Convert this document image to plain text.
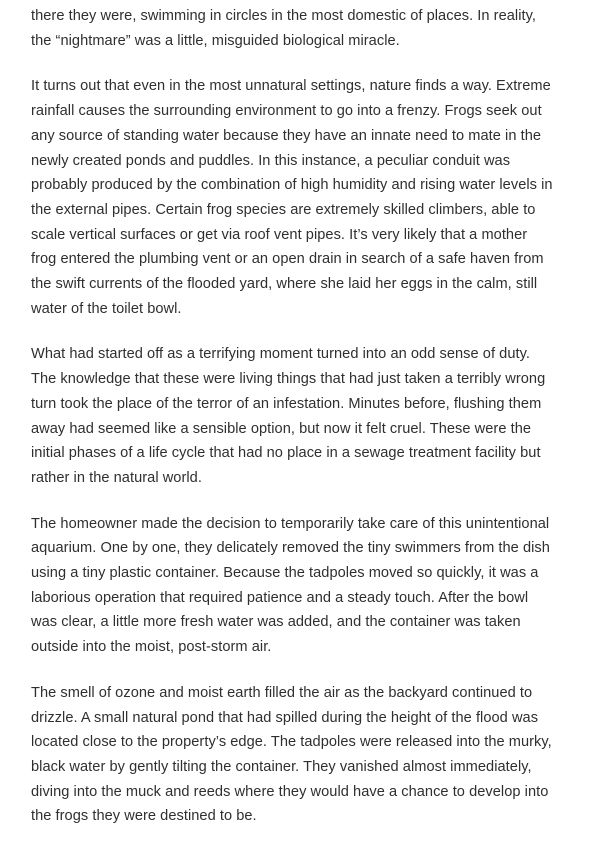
there they were, swimming in circles in the most domestic of places. In reality,
the “nightmare” was a little, misguided biological miracle.

It turns out that even in the most unnatural settings, nature finds a way. Extreme
rainfall causes the surrounding environment to go into a frenzy. Frogs seek out
any source of standing water because they have an innate need to mate in the
newly created ponds and puddles. In this instance, a peculiar conduit was
probably produced by the combination of high humidity and rising water levels in
the external pipes. Certain frog species are extremely skilled climbers, able to
scale vertical surfaces or get via roof vent pipes. It’s very likely that a mother
frog entered the plumbing vent or an open drain in search of a safe haven from
the swift currents of the flooded yard, where she laid her eggs in the calm, still
water of the toilet bowl.

What had started off as a terrifying moment turned into an odd sense of duty.
The knowledge that these were living things that had just taken a terribly wrong
turn took the place of the terror of an infestation. Minutes before, flushing them
away had seemed like a sensible option, but now it felt cruel. These were the
initial phases of a life cycle that had no place in a sewage treatment facility but
rather in the natural world.

The homeowner made the decision to temporarily take care of this unintentional
aquarium. One by one, they delicately removed the tiny swimmers from the dish
using a tiny plastic container. Because the tadpoles moved so quickly, it was a
laborious operation that required patience and a steady touch. After the bowl
was clear, a little more fresh water was added, and the container was taken
outside into the moist, post-storm air.

The smell of ozone and moist earth filled the air as the backyard continued to
drizzle. A small natural pond that had spilled during the height of the flood was
located close to the property’s edge. The tadpoles were released into the murky,
black water by gently tilting the container. They vanished almost immediately,
diving into the muck and reeds where they would have a chance to develop into
the frogs they were destined to be.
